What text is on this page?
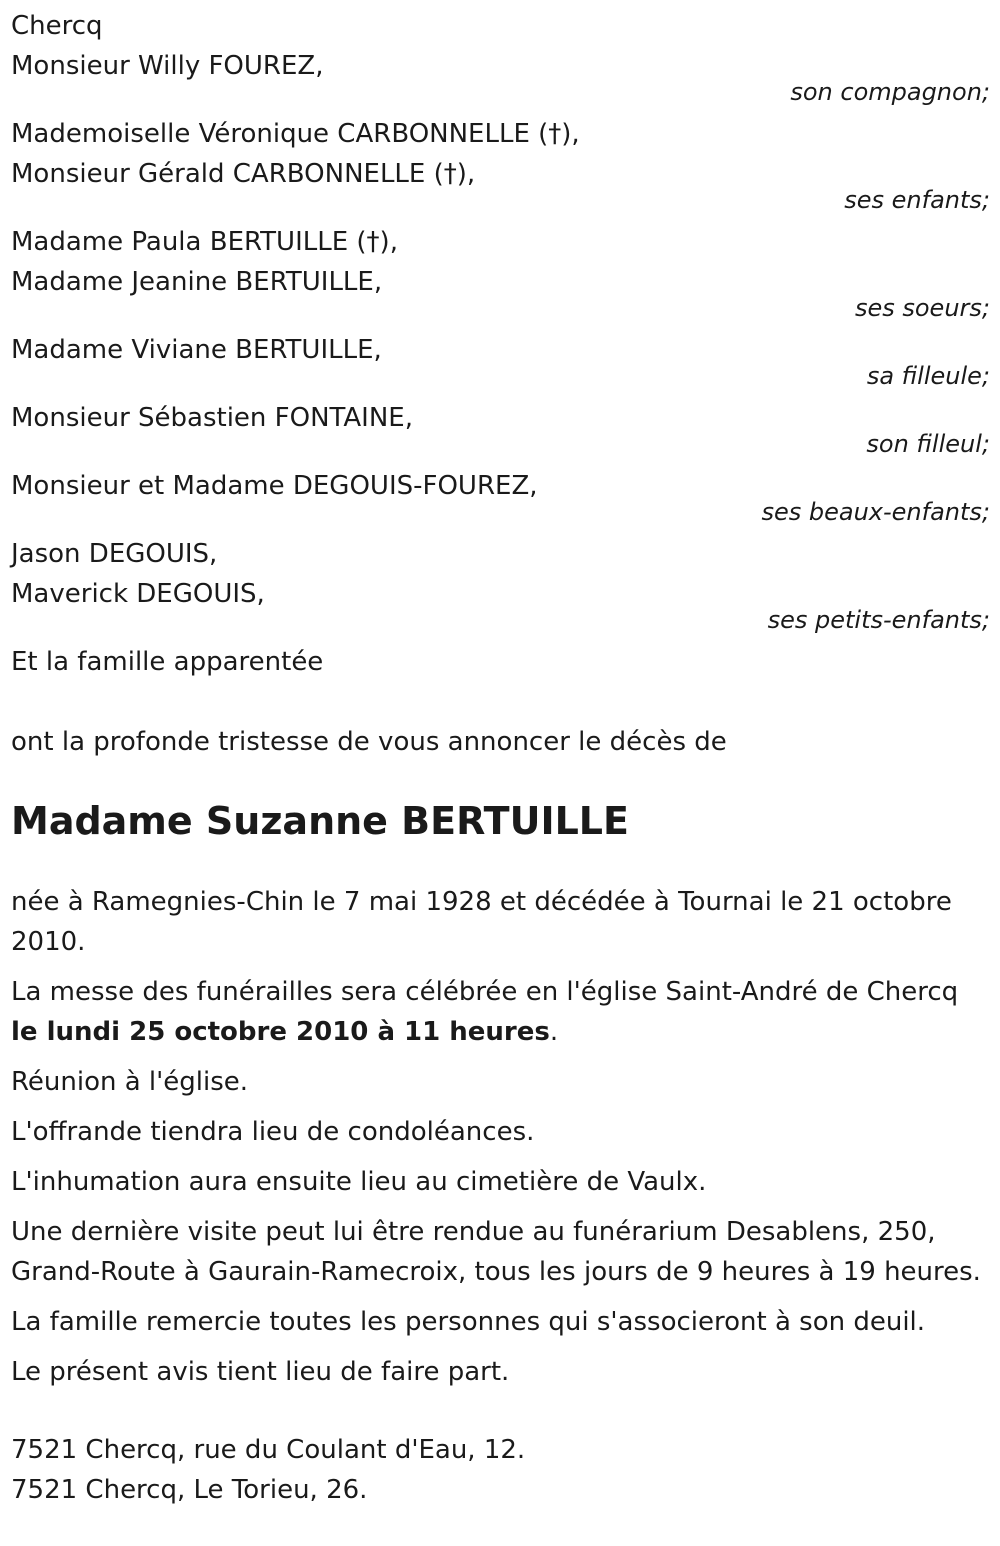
Chercq
Monsieur Willy FOUREZ,
son compagnon;
Mademoiselle Véronique CARBONNELLE (†),
Monsieur Gérald CARBONNELLE (†),
ses enfants;
Madame Paula BERTUILLE (†),
Madame Jeanine BERTUILLE,
ses soeurs;
Madame Viviane BERTUILLE,
sa filleule;
Monsieur Sébastien FONTAINE,
son filleul;
Monsieur et Madame DEGOUIS-FOUREZ,
ses beaux-enfants;
Jason DEGOUIS,
Maverick DEGOUIS,
ses petits-enfants;
Et la famille apparentée
ont la profonde tristesse de vous annoncer le décès de
Madame Suzanne BERTUILLE
née à Ramegnies-Chin le 7 mai 1928 et décédée à Tournai le 21 octobre 2010.
La messe des funérailles sera célébrée en l'église Saint-André de Chercq le lundi 25 octobre 2010 à 11 heures.
Réunion à l'église.
L'offrande tiendra lieu de condoléances.
L'inhumation aura ensuite lieu au cimetière de Vaulx.
Une dernière visite peut lui être rendue au funérarium Desablens, 250, Grand-Route à Gaurain-Ramecroix, tous les jours de 9 heures à 19 heures.
La famille remercie toutes les personnes qui s'associeront à son deuil.
Le présent avis tient lieu de faire part.
7521 Chercq, rue du Coulant d'Eau, 12.
7521 Chercq, Le Torieu, 26.
